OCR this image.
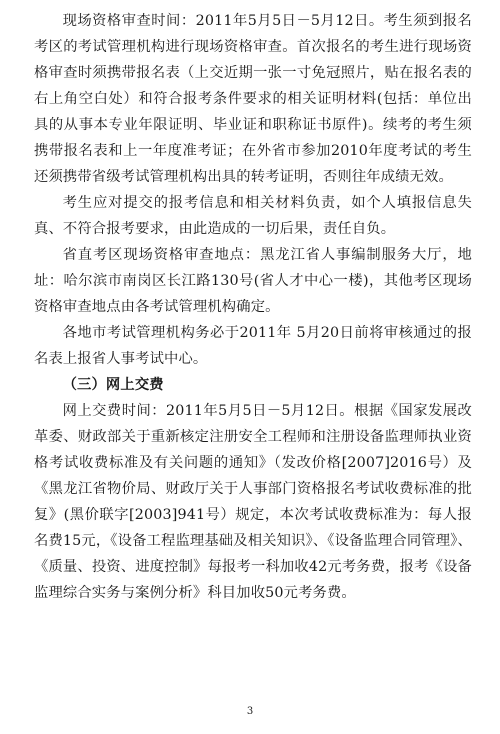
现场资格审查时间：2011年5月5日－5月12日。考生须到报名考区的考试管理机构进行现场资格审查。首次报名的考生进行现场资格审查时须携带报名表（上交近期一张一寸免冠照片，贴在报名表的右上角空白处）和符合报考条件要求的相关证明材料(包括：单位出具的从事本专业年限证明、毕业证和职称证书原件)。续考的考生须携带报名表和上一年度准考证；在外省市参加2010年度考试的考生还须携带省级考试管理机构出具的转考证明，否则往年成绩无效。

考生应对提交的报考信息和相关材料负责，如个人填报信息失真、不符合报考要求，由此造成的一切后果，责任自负。

省直考区现场资格审查地点：黑龙江省人事编制服务大厅，地址：哈尔滨市南岗区长江路130号(省人才中心一楼)，其他考区现场资格审查地点由各考试管理机构确定。

各地市考试管理机构务必于2011年 5月20日前将审核通过的报名表上报省人事考试中心。

（三）网上交费

网上交费时间：2011年5月5日－5月12日。根据《国家发展改革委、财政部关于重新核定注册安全工程师和注册设备监理师执业资格考试收费标准及有关问题的通知》（发改价格[2007]2016号）及《黑龙江省物价局、财政厅关于人事部门资格报名考试收费标准的批复》(黑价联字[2003]941号）规定，本次考试收费标准为：每人报名费15元，《设备工程监理基础及相关知识》、《设备监理合同管理》、《质量、投资、进度控制》每报考一科加收42元考务费，报考《设备监理综合实务与案例分析》科目加收50元考务费。

3
